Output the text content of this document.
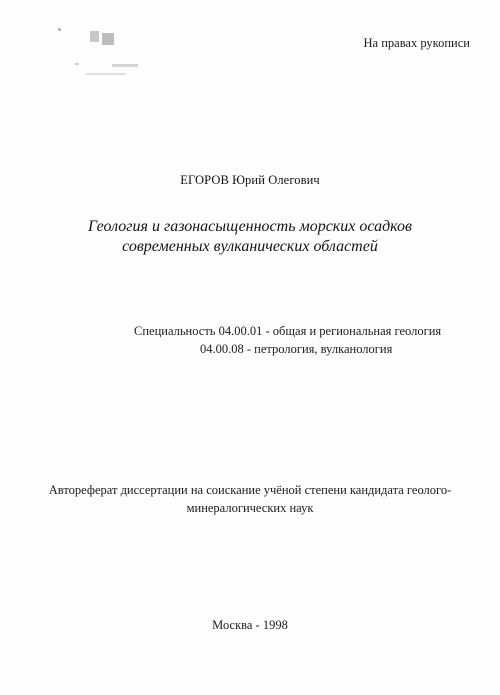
На правах рукописи
ЕГОРОВ Юрий Олегович
Геология и газонасыщенность морских осадков
современных вулканических областей
Специальность 04.00.01 - общая и региональная геология
04.00.08 - петрология, вулканология
Автореферат диссертации на соискание учёной степени кандидата геолого-
минералогических наук
Москва - 1998
